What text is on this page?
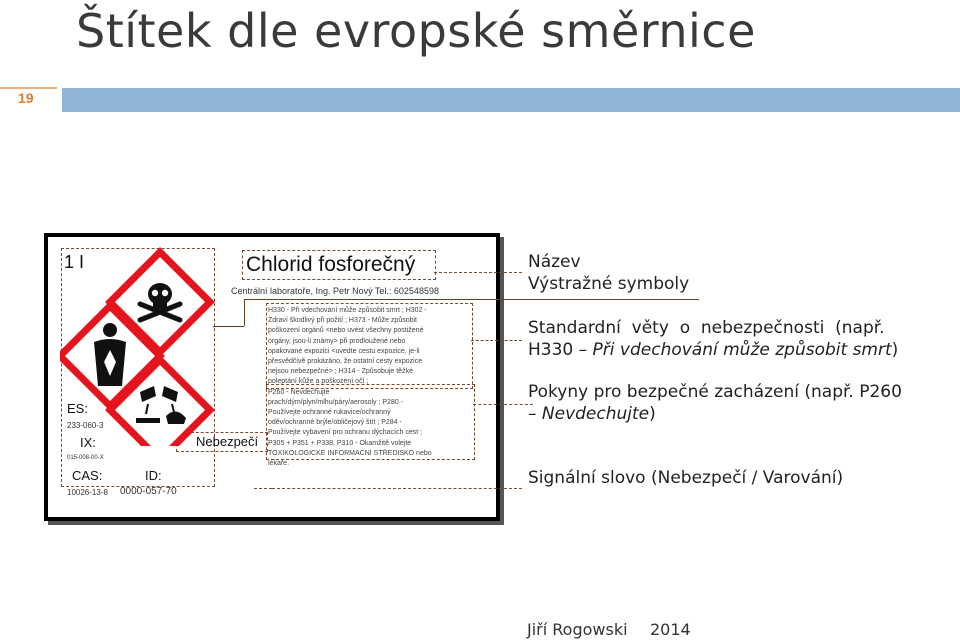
Štítek dle evropské směrnice
19
1 I	Chlorid fosforečný
Centrální laboratoře, Ing. Petr Nový Tel.: 602548598
ES:
233-060-3
IX:
015-008-00-X
CAS:
10026-13-8
ID:
0000-057-70
Nebezpečí
H330 - Při vdechování může způsobit smrt ; H302 -
Zdraví škodlivý při požití ; H373 - Může způsobit
poškození orgánů <nebo uvést všechny postižené
orgány, jsou-li známy> při prodloužené nebo
opakované expozici <uvedte cestu expozice, je-li
přesvědčivě prokázáno, že ostatní cesty expozice
nejsou nebezpečné> ; H314 - Způsobuje těžké
poleptání kůže a poškození očí ;
P260 - Nevdechujte
prach/dým/plyn/mlhu/páry/aerosoly ; P280 -
Používejte ochranné rukavice/ochranný
oděv/ochranné brýle/obličejový štít ; P284 -
Používejte vybavení pro ochranu dýchacích cest ;
P305 + P351 + P338, P310 - Okamžitě volejte
TOXIKOLOGICKÉ INFORMAČNÍ STŘEDISKO nebo
lékaře.
Název
Výstražné symboly
Standardní  věty  o  nebezpečnosti  (např.
H330 – Při vdechování může způsobit smrt)
Pokyny pro bezpečné zacházení (např. P260
– Nevdechujte)
Signální slovo (Nebezpečí / Varování)
Jiří Rogowski 2014
